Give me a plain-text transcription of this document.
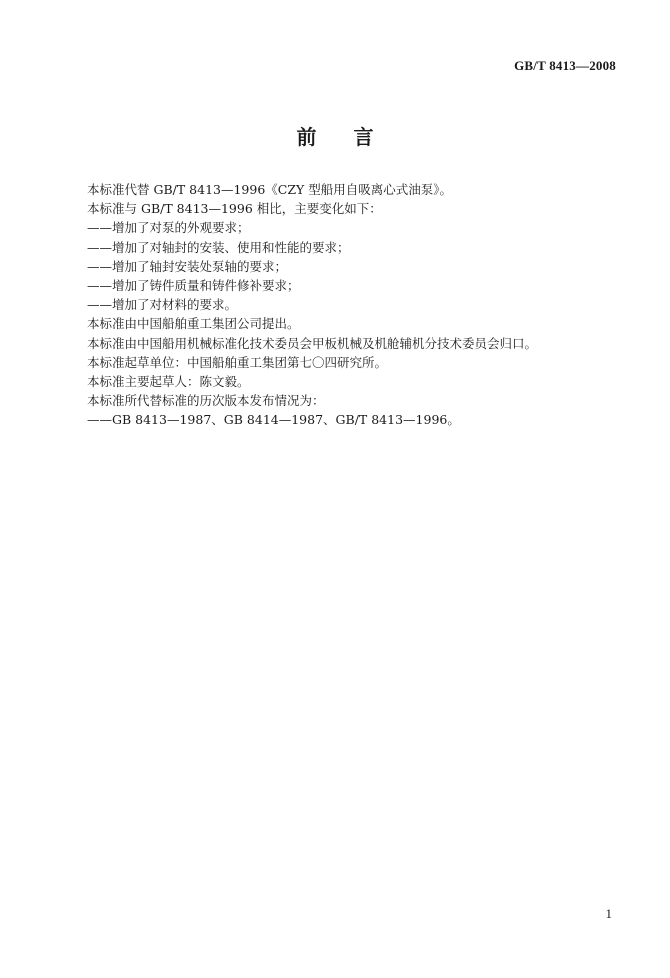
GB/T 8413—2008
前 言
本标准代替 GB/T 8413—1996《CZY 型船用自吸离心式油泵》。
本标准与 GB/T 8413—1996 相比，主要变化如下：
——增加了对泵的外观要求；
——增加了对轴封的安装、使用和性能的要求；
——增加了轴封安装处泵轴的要求；
——增加了铸件质量和铸件修补要求；
——增加了对材料的要求。
本标准由中国船舶重工集团公司提出。
本标准由中国船用机械标准化技术委员会甲板机械及机舱辅机分技术委员会归口。
本标准起草单位：中国船舶重工集团第七〇四研究所。
本标准主要起草人：陈文毅。
本标准所代替标准的历次版本发布情况为：
——GB 8413—1987、GB 8414—1987、GB/T 8413—1996。
1
